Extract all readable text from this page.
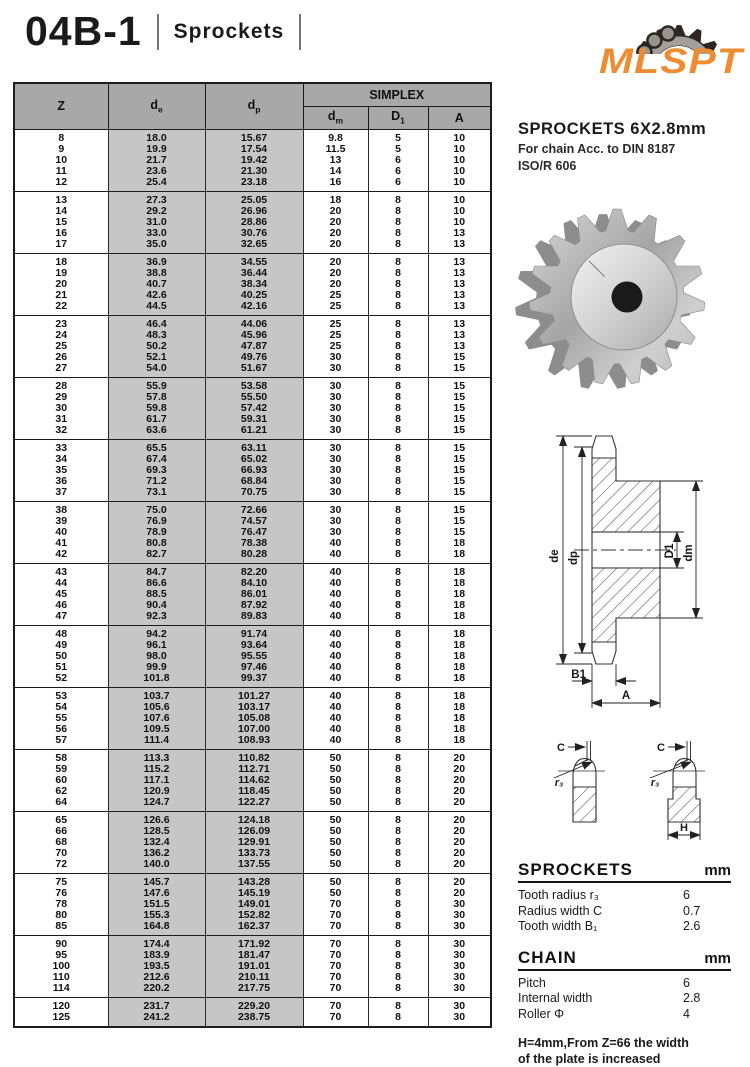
04B-1 Sprockets
MLSPT
Z	$d_e$	$d_p$	SIMPLEX		
			$d_m$	$D_1$	A
8	18.0	15.67	9.8	5	10
9	19.9	17.54	11.5	5	10
10	21.7	19.42	13	6	10
11	23.6	21.30	14	6	10
12	25.4	23.18	16	6	10
13	27.3	25.05	18	8	10
14	29.2	26.96	20	8	10
15	31.0	28.86	20	8	10
16	33.0	30.76	20	8	13
17	35.0	32.65	20	8	13
18	36.9	34.55	20	8	13
19	38.8	36.44	20	8	13
20	40.7	38.34	20	8	13
21	42.6	40.25	25	8	13
22	44.5	42.16	25	8	13
23	46.4	44.06	25	8	13
24	48.3	45.96	25	8	13
25	50.2	47.87	25	8	13
26	52.1	49.76	30	8	15
27	54.0	51.67	30	8	15
28	55.9	53.58	30	8	15
29	57.8	55.50	30	8	15
30	59.8	57.42	30	8	15
31	61.7	59.31	30	8	15
32	63.6	61.21	30	8	15
33	65.5	63.11	30	8	15
34	67.4	65.02	30	8	15
35	69.3	66.93	30	8	15
36	71.2	68.84	30	8	15
37	73.1	70.75	30	8	15
38	75.0	72.66	30	8	15
39	76.9	74.57	30	8	15
40	78.9	76.47	30	8	15
41	80.8	78.38	40	8	18
42	82.7	80.28	40	8	18
43	84.7	82.20	40	8	18
44	86.6	84.10	40	8	18
45	88.5	86.01	40	8	18
46	90.4	87.92	40	8	18
47	92.3	89.83	40	8	18
48	94.2	91.74	40	8	18
49	96.1	93.64	40	8	18
50	98.0	95.55	40	8	18
51	99.9	97.46	40	8	18
52	101.8	99.37	40	8	18
53	103.7	101.27	40	8	18
54	105.6	103.17	40	8	18
55	107.6	105.08	40	8	18
56	109.5	107.00	40	8	18
57	111.4	108.93	40	8	18
58	113.3	110.82	50	8	20
59	115.2	112.71	50	8	20
60	117.1	114.62	50	8	20
62	120.9	118.45	50	8	20
64	124.7	122.27	50	8	20
65	126.6	124.18	50	8	20
66	128.5	126.09	50	8	20
68	132.4	129.91	50	8	20
70	136.2	133.73	50	8	20
72	140.0	137.55	50	8	20
75	145.7	143.28	50	8	20
76	147.6	145.19	50	8	20
78	151.5	149.01	70	8	30
80	155.3	152.82	70	8	30
85	164.8	162.37	70	8	30
90	174.4	171.92	70	8	30
95	183.9	181.47	70	8	30
100	193.5	191.01	70	8	30
110	212.6	210.11	70	8	30
114	220.2	217.75	70	8	30
120	231.7	229.20	70	8	30
125	241.2	238.75	70	8	30
SPROCKETS 6X2.8mm
For chain Acc. to DIN 8187
ISO/R 606
de dp	D1 dm
B1
A
C
r₃
C
r₃
H
SPROCKETS	mm
Tooth radius r₃	6
Radius width C	0.7
Tooth width B₁	2.6
CHAIN	mm
Pitch	6
Internal width	2.8
Roller Φ	4
H=4mm,From Z=66 the width
of the plate is increased
